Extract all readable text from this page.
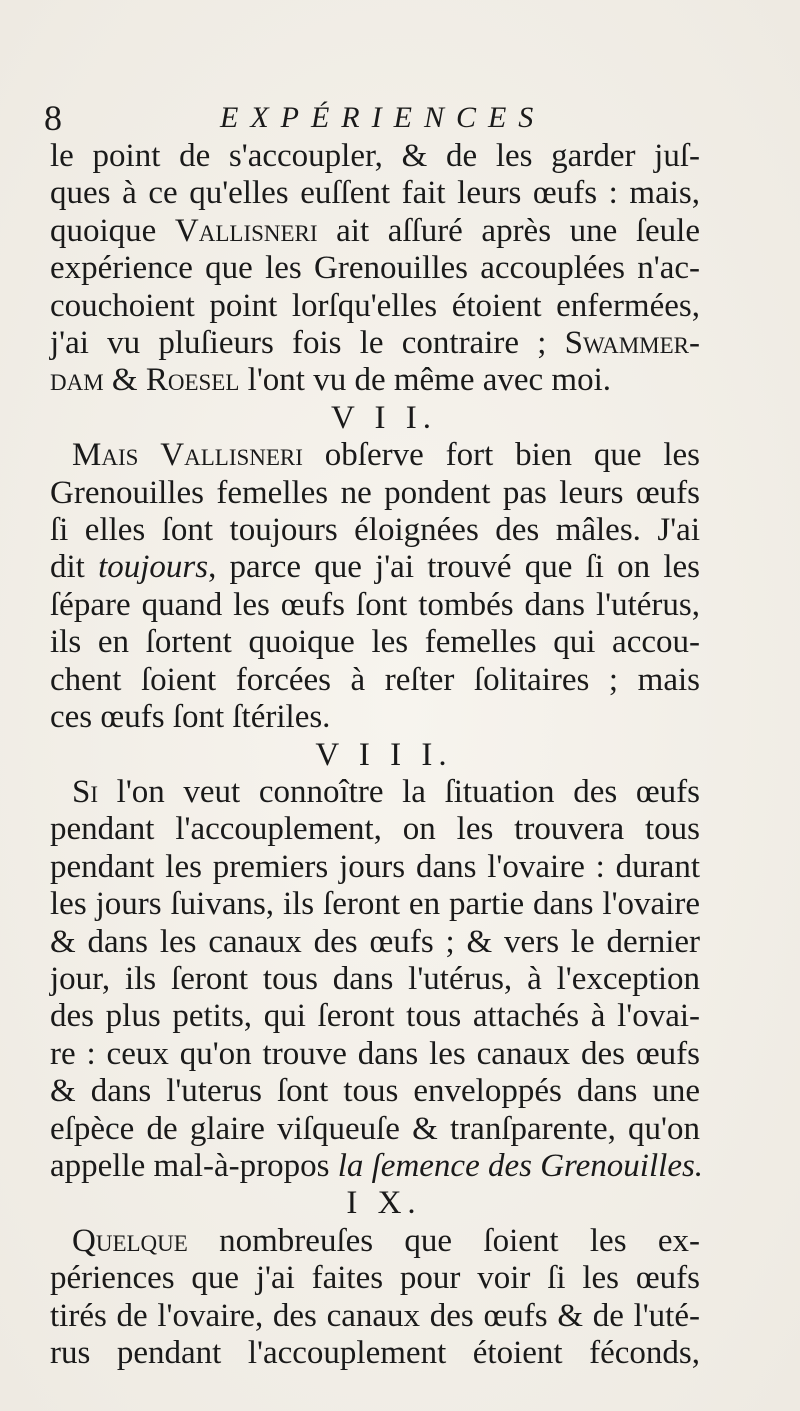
8	EXPÉRIENCES
le point de s'accoupler, & de les garder juſ-
ques à ce qu'elles euſſent fait leurs œufs : mais,
quoique Vallisneri ait aſſuré après une ſeule
expérience que les Grenouilles accouplées n'ac-
couchoient point lorſqu'elles étoient enfermées,
j'ai vu pluſieurs fois le contraire ; Swammer-
dam & Roesel l'ont vu de même avec moi.
V I I.
Mais Vallisneri obſerve fort bien que les
Grenouilles femelles ne pondent pas leurs œufs
ſi elles ſont toujours éloignées des mâles. J'ai
dit toujours, parce que j'ai trouvé que ſi on les
ſépare quand les œufs ſont tombés dans l'utérus,
ils en ſortent quoique les femelles qui accou-
chent ſoient forcées à reſter ſolitaires ; mais
ces œufs ſont ſtériles.
V I I I.
Si l'on veut connoître la ſituation des œufs
pendant l'accouplement, on les trouvera tous
pendant les premiers jours dans l'ovaire : durant
les jours ſuivans, ils ſeront en partie dans l'ovaire
& dans les canaux des œufs ; & vers le dernier
jour, ils ſeront tous dans l'utérus, à l'exception
des plus petits, qui ſeront tous attachés à l'ovai-
re : ceux qu'on trouve dans les canaux des œufs
& dans l'uterus ſont tous enveloppés dans une
eſpèce de glaire viſqueuſe & tranſparente, qu'on
appelle mal-à-propos la ſemence des Grenouilles.
I X.
Quelque nombreuſes que ſoient les ex-
périences que j'ai faites pour voir ſi les œufs
tirés de l'ovaire, des canaux des œufs & de l'uté-
rus pendant l'accouplement étoient féconds,
